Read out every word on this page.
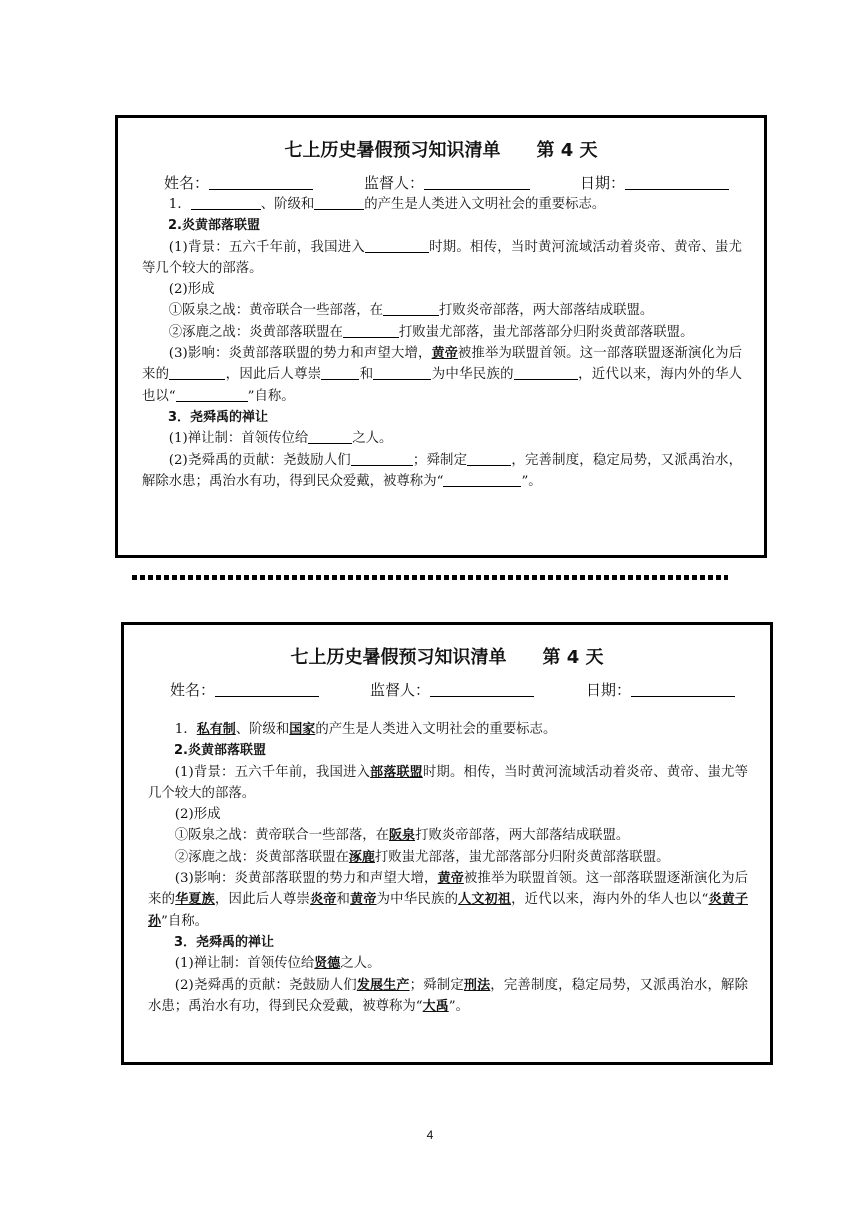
七上历史暑假预习知识清单 第 4 天
姓名：	监督人：	日期：

1．	、阶级和	的产生是人类进入文明社会的重要标志。

2.炎黄部落联盟

(1)背景：五六千年前，我国进入	时期。相传，当时黄河流域活动着炎帝、黄帝、蚩尤等几个较大的部落。

(2)形成

①阪泉之战：黄帝联合一些部落，在	打败炎帝部落，两大部落结成联盟。

②涿鹿之战：炎黄部落联盟在	打败蚩尤部落，蚩尤部落部分归附炎黄部落联盟。

(3)影响：炎黄部落联盟的势力和声望大增，黄帝被推举为联盟首领。这一部落联盟逐渐演化为后来的	，因此后人尊崇	和	为中华民族的	，近代以来，海内外的华人也以“	”自称。

3．尧舜禹的禅让

(1)禅让制：首领传位给	之人。

(2)尧舜禹的贡献：尧鼓励人们	；舜制定	，完善制度，稳定局势，又派禹治水，解除水患；禹治水有功，得到民众爱戴，被尊称为“	”。

七上历史暑假预习知识清单 第 4 天
姓名：	监督人：	日期：

1．私有制、阶级和国家的产生是人类进入文明社会的重要标志。

2.炎黄部落联盟

(1)背景：五六千年前，我国进入部落联盟时期。相传，当时黄河流域活动着炎帝、黄帝、蚩尤等几个较大的部落。

(2)形成

①阪泉之战：黄帝联合一些部落，在阪泉打败炎帝部落，两大部落结成联盟。

②涿鹿之战：炎黄部落联盟在涿鹿打败蚩尤部落，蚩尤部落部分归附炎黄部落联盟。

(3)影响：炎黄部落联盟的势力和声望大增，黄帝被推举为联盟首领。这一部落联盟逐渐演化为后来的华夏族，因此后人尊崇炎帝和黄帝为中华民族的人文初祖，近代以来，海内外的华人也以“炎黄子孙”自称。

3．尧舜禹的禅让

(1)禅让制：首领传位给贤德之人。

(2)尧舜禹的贡献：尧鼓励人们发展生产；舜制定刑法，完善制度，稳定局势，又派禹治水，解除水患；禹治水有功，得到民众爱戴，被尊称为“大禹”。

4
